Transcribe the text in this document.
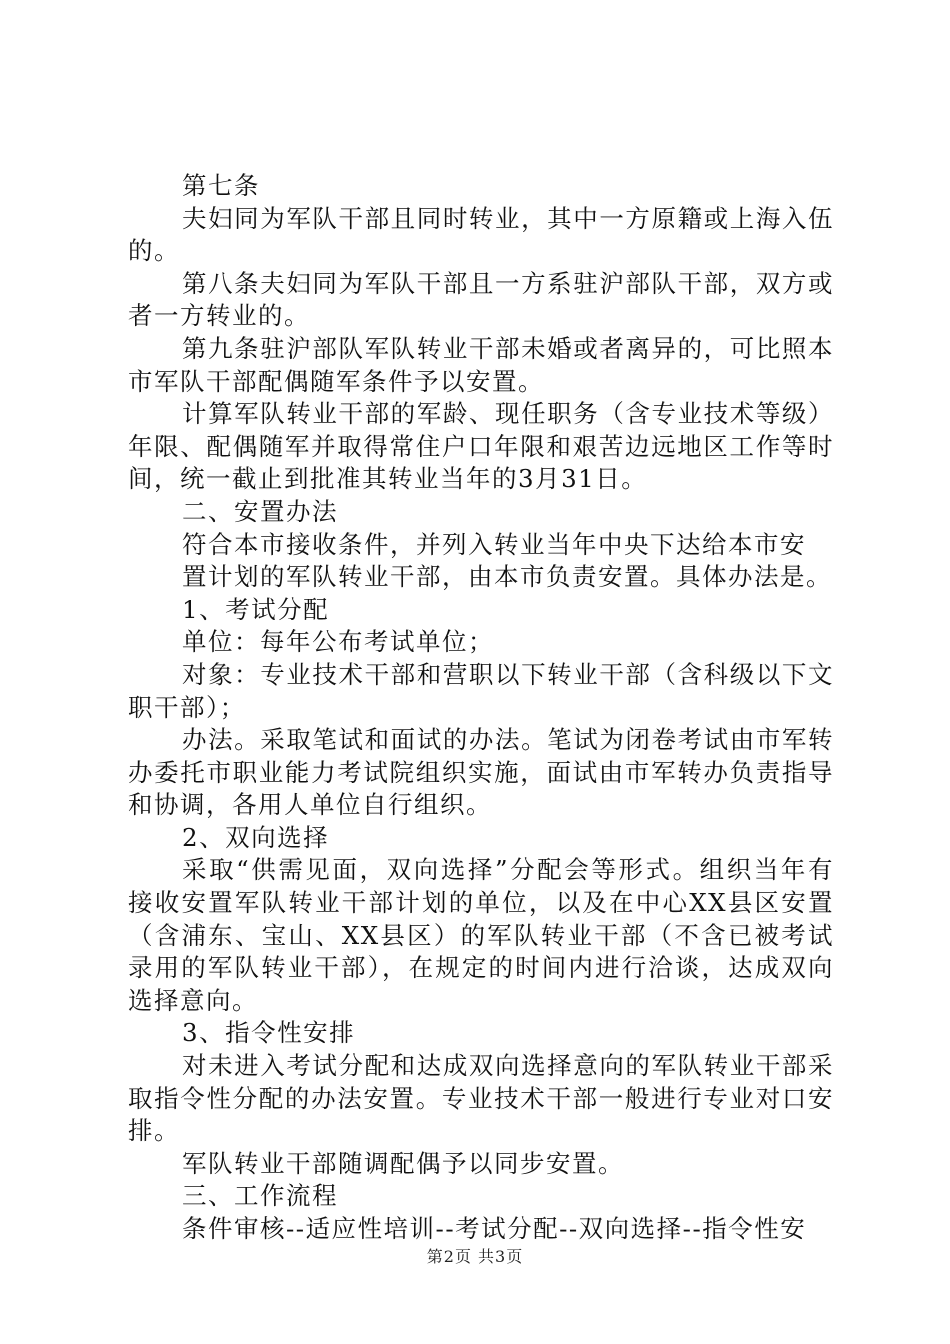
第七条

夫妇同为军队干部且同时转业，其中一方原籍或上海入伍的。

第八条夫妇同为军队干部且一方系驻沪部队干部，双方或者一方转业的。

第九条驻沪部队军队转业干部未婚或者离异的，可比照本市军队干部配偶随军条件予以安置。

计算军队转业干部的军龄、现任职务（含专业技术等级）年限、配偶随军并取得常住户口年限和艰苦边远地区工作等时间，统一截止到批准其转业当年的3月31日。

二、安置办法

符合本市接收条件，并列入转业当年中央下达给本市安

置计划的军队转业干部，由本市负责安置。具体办法是。

1、考试分配

单位：每年公布考试单位；

对象：专业技术干部和营职以下转业干部（含科级以下文职干部）；

办法。采取笔试和面试的办法。笔试为闭卷考试由市军转办委托市职业能力考试院组织实施，面试由市军转办负责指导和协调，各用人单位自行组织。

2、双向选择

采取“供需见面，双向选择”分配会等形式。组织当年有接收安置军队转业干部计划的单位，以及在中心XX县区安置（含浦东、宝山、XX县区）的军队转业干部（不含已被考试录用的军队转业干部），在规定的时间内进行洽谈，达成双向选择意向。

3、指令性安排

对未进入考试分配和达成双向选择意向的军队转业干部采取指令性分配的办法安置。专业技术干部一般进行专业对口安排。

军队转业干部随调配偶予以同步安置。

三、工作流程

条件审核--适应性培训--考试分配--双向选择--指令性安

第2页 共3页
